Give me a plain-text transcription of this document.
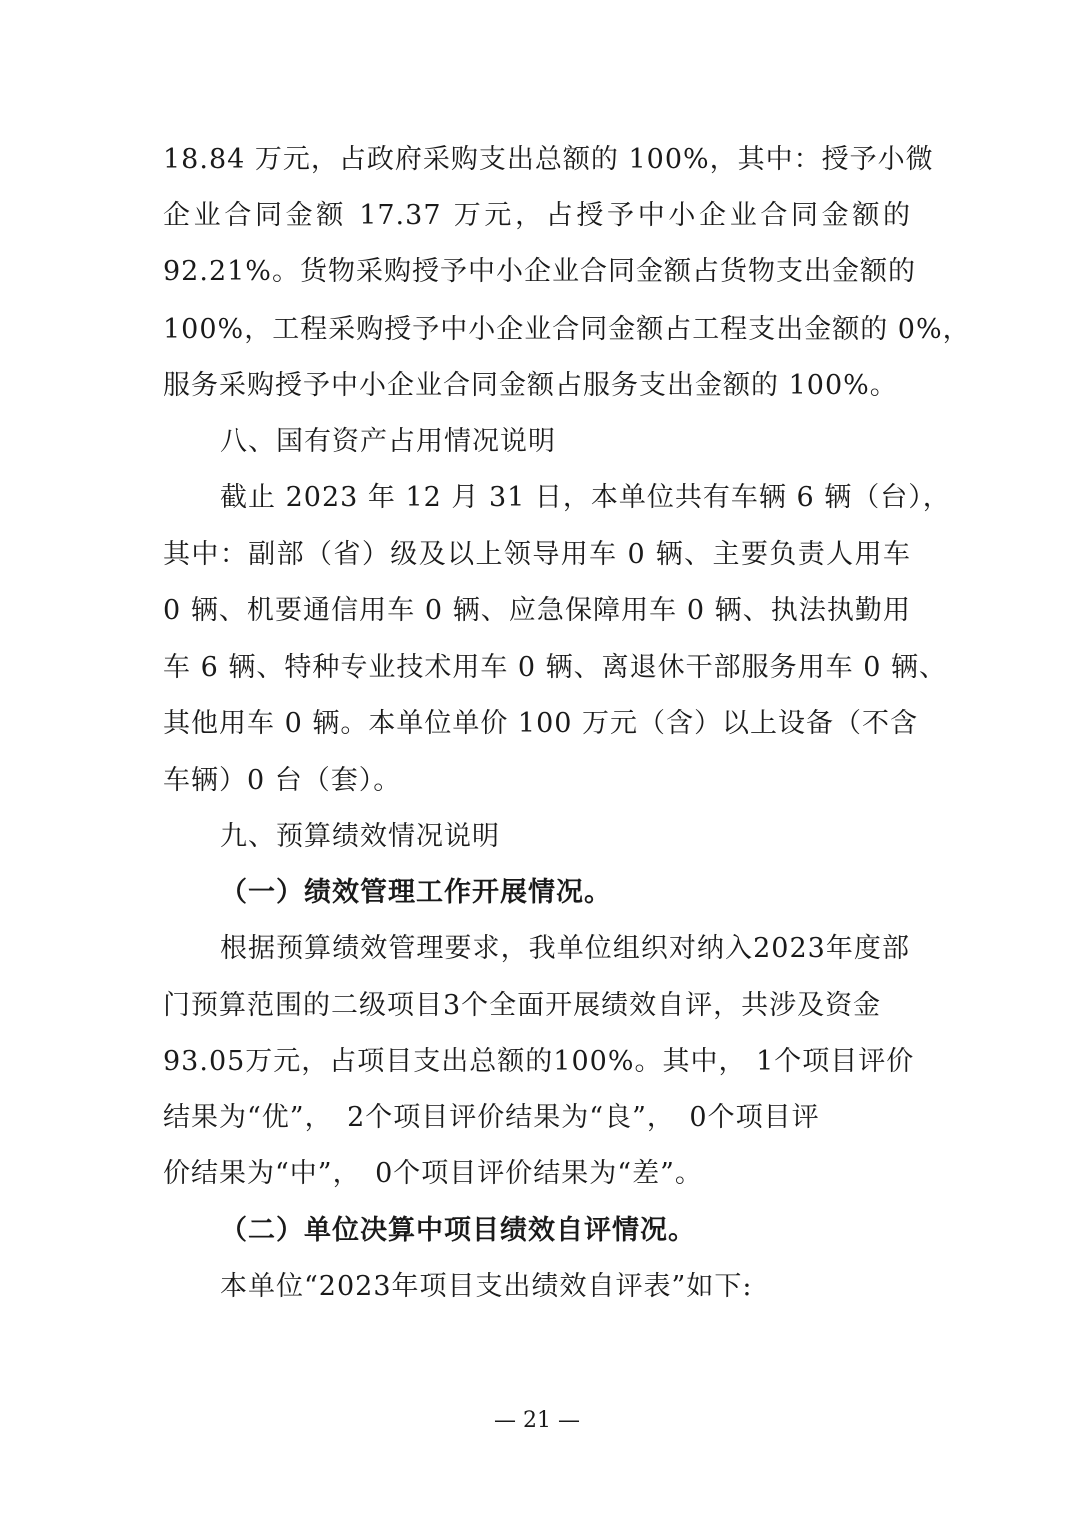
18.84 万元，占政府采购支出总额的 100%，其中：授予小微
企业合同金额 17.37 万元，占授予中小企业合同金额的
92.21%。货物采购授予中小企业合同金额占货物支出金额的
100%，工程采购授予中小企业合同金额占工程支出金额的 0%，
服务采购授予中小企业合同金额占服务支出金额的 100%。
八、国有资产占用情况说明
截止 2023 年 12 月 31 日，本单位共有车辆 6 辆（台），
其中：副部（省）级及以上领导用车 0 辆、主要负责人用车
0 辆、机要通信用车 0 辆、应急保障用车 0 辆、执法执勤用
车 6 辆、特种专业技术用车 0 辆、离退休干部服务用车 0 辆、
其他用车 0 辆。本单位单价 100 万元（含）以上设备（不含
车辆）0 台（套）。
九、预算绩效情况说明
（一）绩效管理工作开展情况。
根据预算绩效管理要求，我单位组织对纳入2023年度部
门预算范围的二级项目3个全面开展绩效自评，共涉及资金
93.05万元，占项目支出总额的100%。其中， 1个项目评价
结果为“优”，　2个项目评价结果为“良”，　0个项目评
价结果为“中”，　0个项目评价结果为“差”。
（二）单位决算中项目绩效自评情况。
本单位“2023年项目支出绩效自评表”如下:
— 21 —
